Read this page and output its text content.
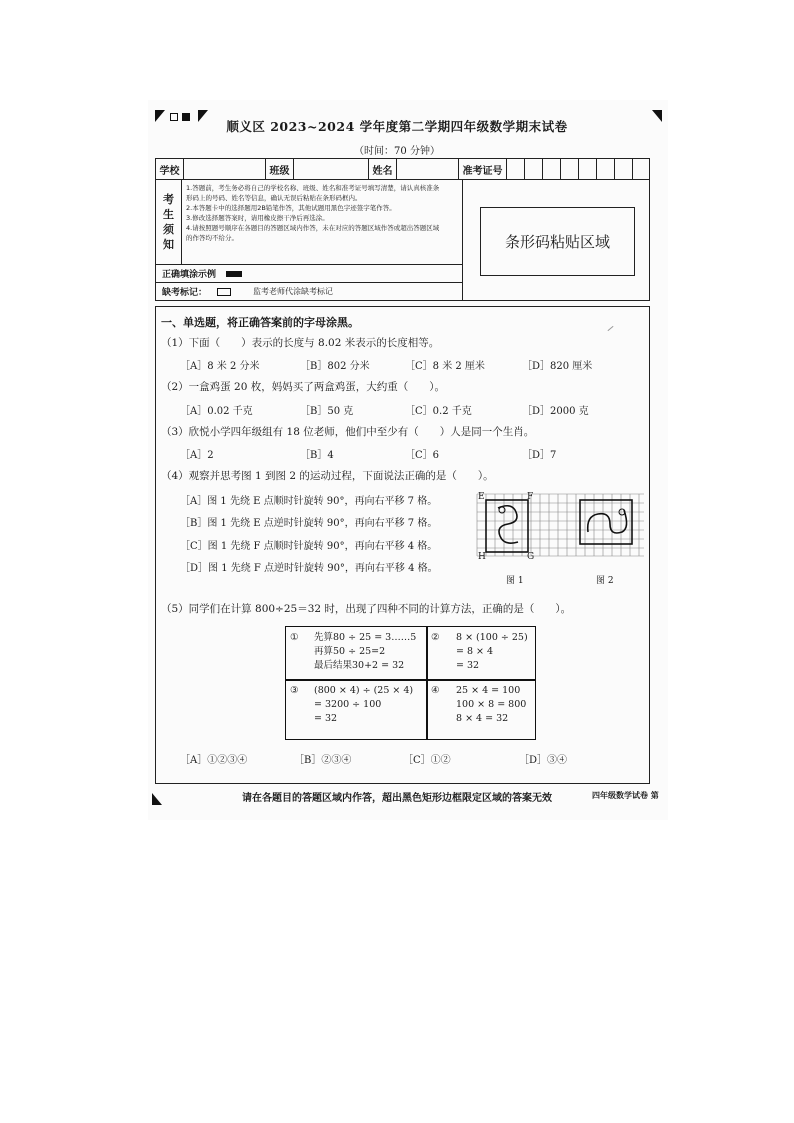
顺义区 2023~2024 学年度第二学期四年级数学期末试卷
（时间：70 分钟）
学校	班级	姓名	准考证号
考
生
须
知
1.答题前，考生务必将自己的学校名称、班级、姓名和准考证号填写清楚，请认真核准条
形码上的号码、姓名等信息，确认无误后粘贴在条形码框内。
2.本答题卡中的选择题用2B铅笔作答，其他试题用黑色字迹签字笔作答。
3.修改选择题答案时，请用橡皮擦干净后再选涂。
4.请按照题号顺序在各题目的答题区域内作答，未在对应的答题区域作答或超出答题区域
的作答均不给分。	条形码粘贴区域
正确填涂示例
缺考标记：	监考老师代涂缺考标记
一、单选题，将正确答案前的字母涂黑。
（1）下面（　　）表示的长度与 8.02 米表示的长度相等。
［A］8 米 2 分米	［B］802 分米	［C］8 米 2 厘米	［D］820 厘米
（2）一盒鸡蛋 20 枚，妈妈买了两盒鸡蛋，大约重（　　）。
［A］0.02 千克	［B］50 克	［C］0.2 千克	［D］2000 克
（3）欣悦小学四年级组有 18 位老师，他们中至少有（　　）人是同一个生肖。
［A］2	［B］4	［C］6	［D］7
（4）观察并思考图 1 到图 2 的运动过程，下面说法正确的是（　　）。
［A］图 1 先绕 E 点顺时针旋转 90°，再向右平移 7 格。
［B］图 1 先绕 E 点逆时针旋转 90°，再向右平移 7 格。
［C］图 1 先绕 F 点顺时针旋转 90°，再向右平移 4 格。
［D］图 1 先绕 F 点逆时针旋转 90°，再向右平移 4 格。
E	F
H	G
图 1	图 2
（5）同学们在计算 800÷25＝32 时，出现了四种不同的计算方法，正确的是（　　）。
① 先算80 ÷ 25 = 3……5
再算50 ÷ 25=2
最后结果30+2 = 32
② 8 × (100 ÷ 25)
= 8 × 4
= 32
③ (800 × 4) ÷ (25 × 4)
= 3200 ÷ 100
= 32
④ 25 × 4 = 100
100 × 8 = 800
8 × 4 = 32
［A］①②③④	［B］②③④	［C］①②	［D］③④
请在各题目的答题区域内作答，超出黑色矩形边框限定区域的答案无效	四年级数学试卷 第
